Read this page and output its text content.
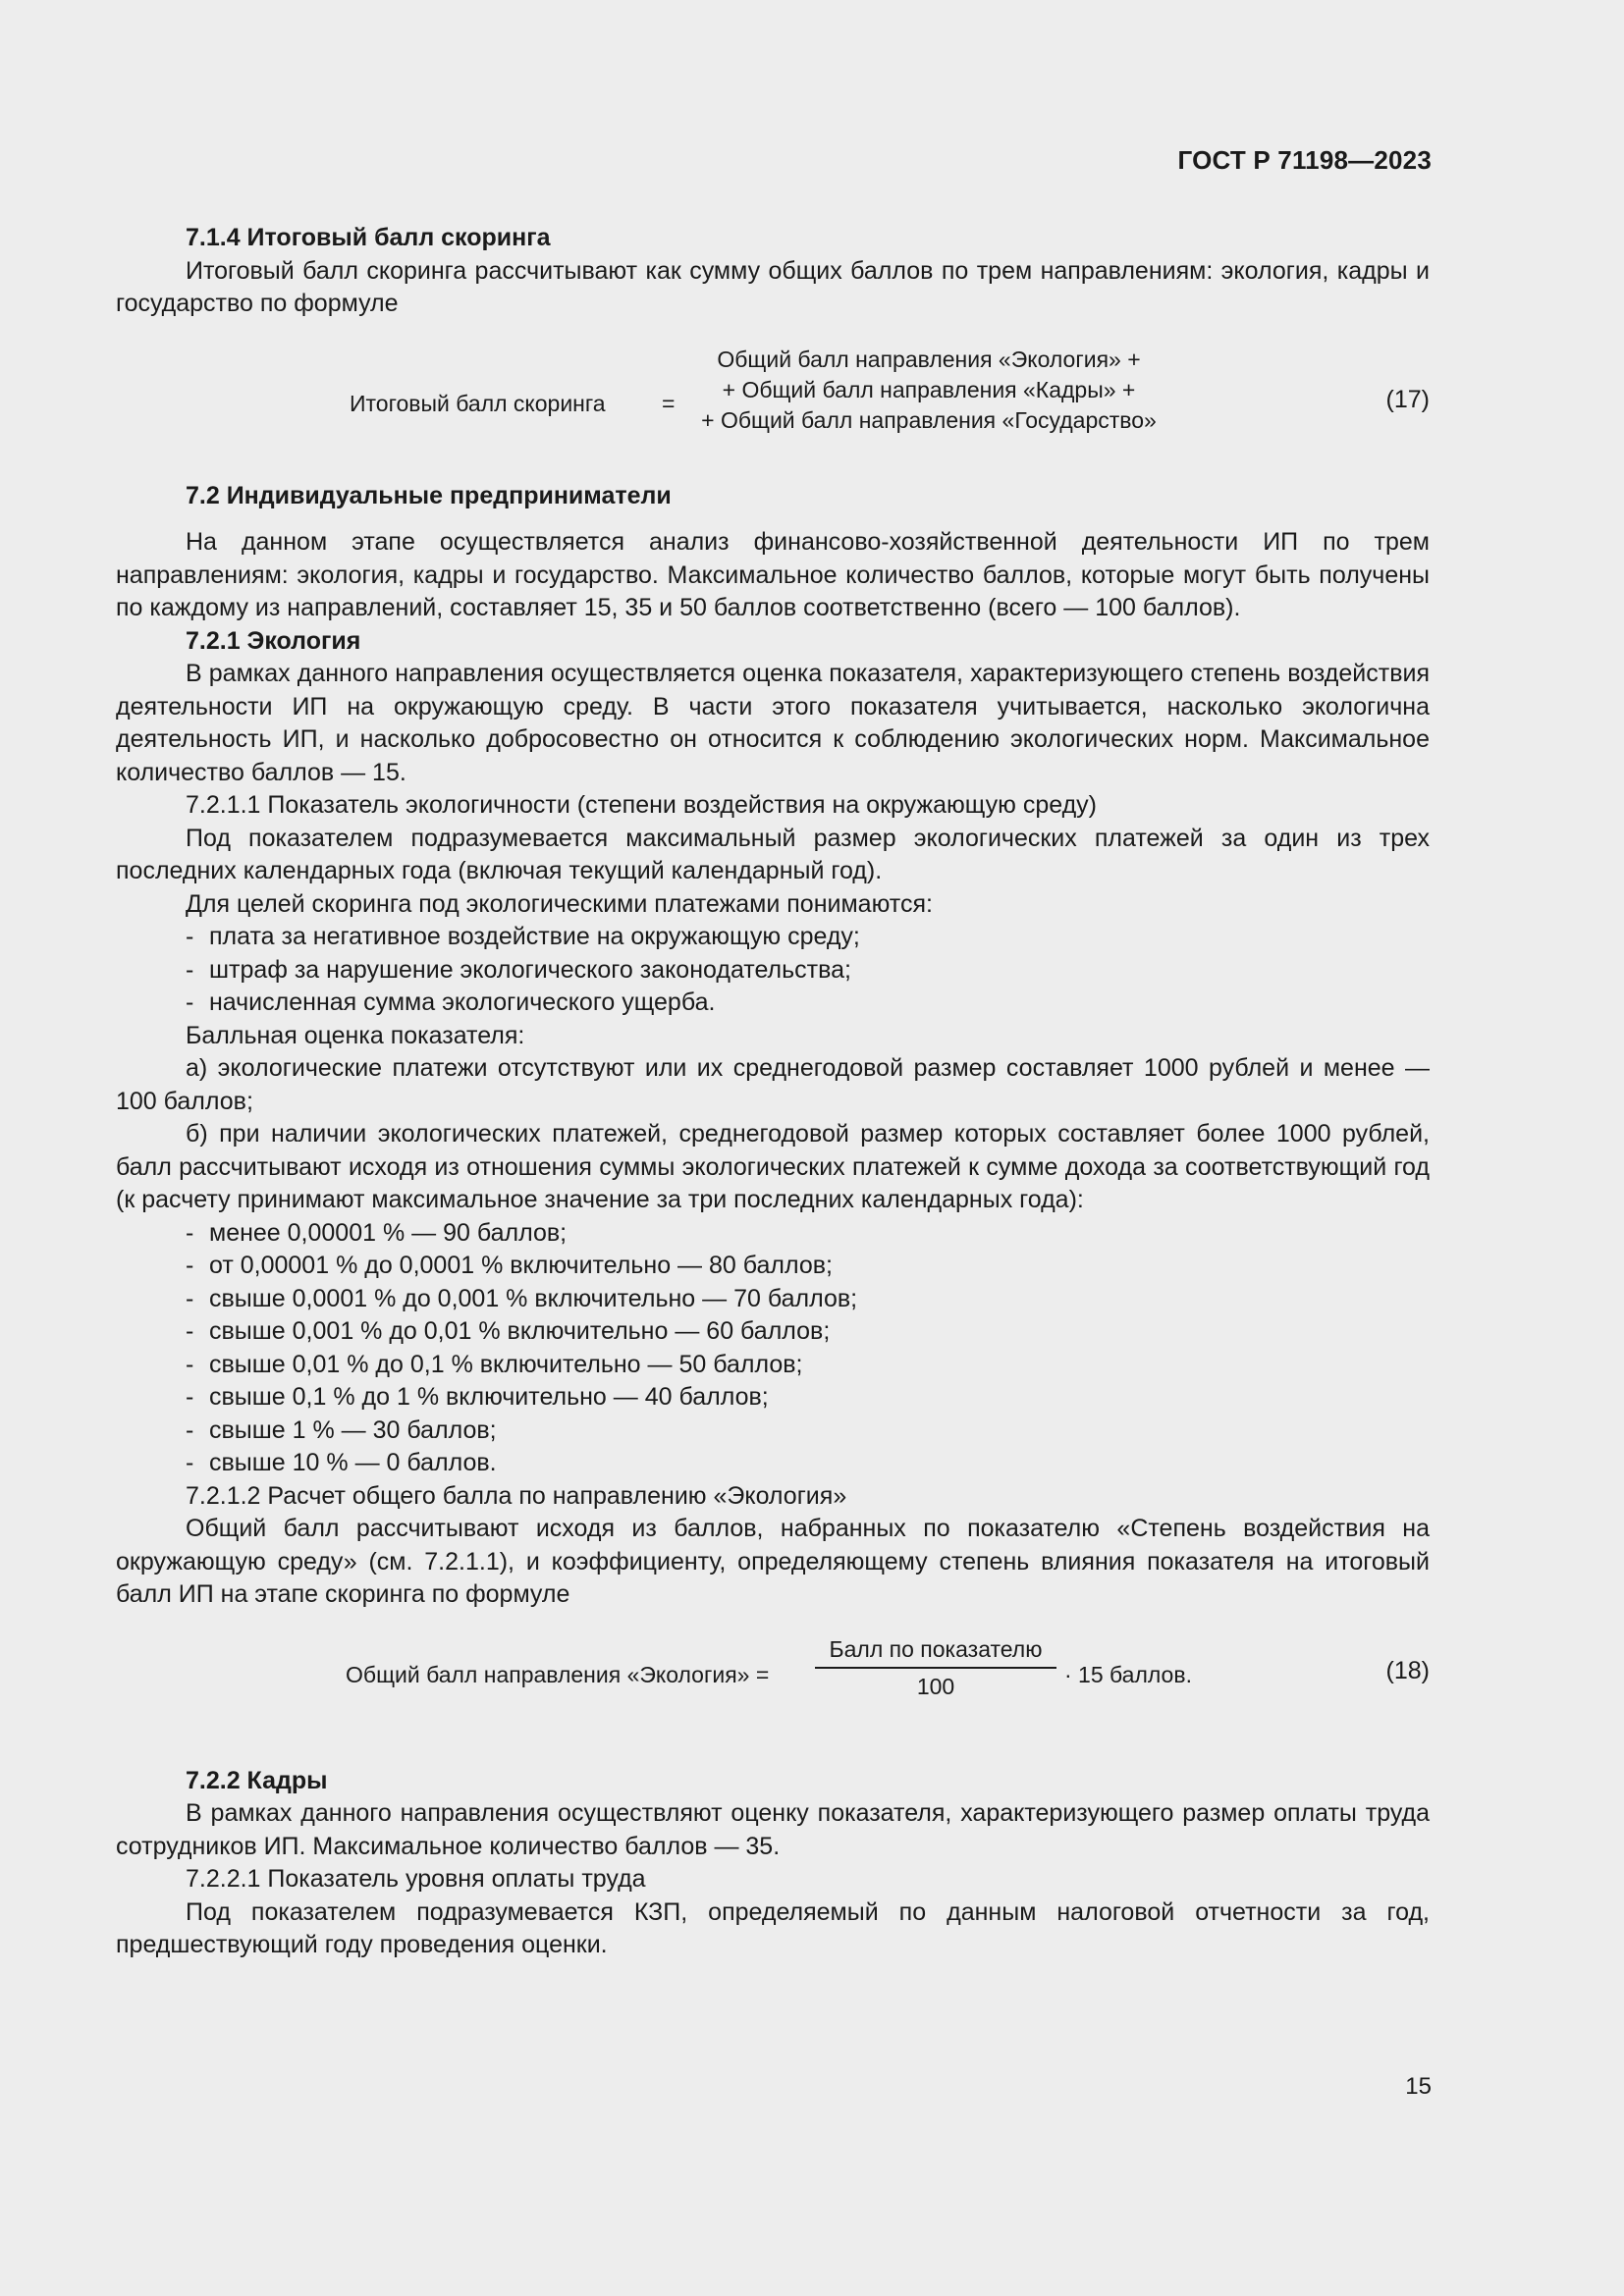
ГОСТ Р 71198—2023

7.1.4 Итоговый балл скоринга

Итоговый балл скоринга рассчитывают как сумму общих баллов по трем направлениям: экология, кадры и государство по формуле

Итоговый балл скоринга =
Общий балл направления «Экология» +
+ Общий балл направления «Кадры» +
+ Общий балл направления «Государство»
(17)

7.2 Индивидуальные предприниматели

На данном этапе осуществляется анализ финансово-хозяйственной деятельности ИП по трем направлениям: экология, кадры и государство. Максимальное количество баллов, которые могут быть получены по каждому из направлений, составляет 15, 35 и 50 баллов соответственно (всего — 100 баллов).

7.2.1 Экология

В рамках данного направления осуществляется оценка показателя, характеризующего степень воздействия деятельности ИП на окружающую среду. В части этого показателя учитывается, насколько экологична деятельность ИП, и насколько добросовестно он относится к соблюдению экологических норм. Максимальное количество баллов — 15.

7.2.1.1 Показатель экологичности (степени воздействия на окружающую среду)

Под показателем подразумевается максимальный размер экологических платежей за один из трех последних календарных года (включая текущий календарный год).

Для целей скоринга под экологическими платежами понимаются:

- плата за негативное воздействие на окружающую среду;

- штраф за нарушение экологического законодательства;

- начисленная сумма экологического ущерба.

Балльная оценка показателя:

а) экологические платежи отсутствуют или их среднегодовой размер составляет 1000 рублей и менее — 100 баллов;

б) при наличии экологических платежей, среднегодовой размер которых составляет более 1000 рублей, балл рассчитывают исходя из отношения суммы экологических платежей к сумме дохода за соответствующий год (к расчету принимают максимальное значение за три последних календарных года):

- менее 0,00001 % — 90 баллов;

- от 0,00001 % до 0,0001 % включительно — 80 баллов;

- свыше 0,0001 % до 0,001 % включительно — 70 баллов;

- свыше 0,001 % до 0,01 % включительно — 60 баллов;

- свыше 0,01 % до 0,1 % включительно — 50 баллов;

- свыше 0,1 % до 1 % включительно — 40 баллов;

- свыше 1 % — 30 баллов;

- свыше 10 % — 0 баллов.

7.2.1.2 Расчет общего балла по направлению «Экология»

Общий балл рассчитывают исходя из баллов, набранных по показателю «Степень воздействия на окружающую среду» (см. 7.2.1.1), и коэффициенту, определяющему степень влияния показателя на итоговый балл ИП на этапе скоринга по формуле

Общий балл направления «Экология» =
Балл по показателю
100	· 15 баллов.	(18)

7.2.2 Кадры

В рамках данного направления осуществляют оценку показателя, характеризующего размер оплаты труда сотрудников ИП. Максимальное количество баллов — 35.

7.2.2.1 Показатель уровня оплаты труда

Под показателем подразумевается КЗП, определяемый по данным налоговой отчетности за год, предшествующий году проведения оценки.

15
